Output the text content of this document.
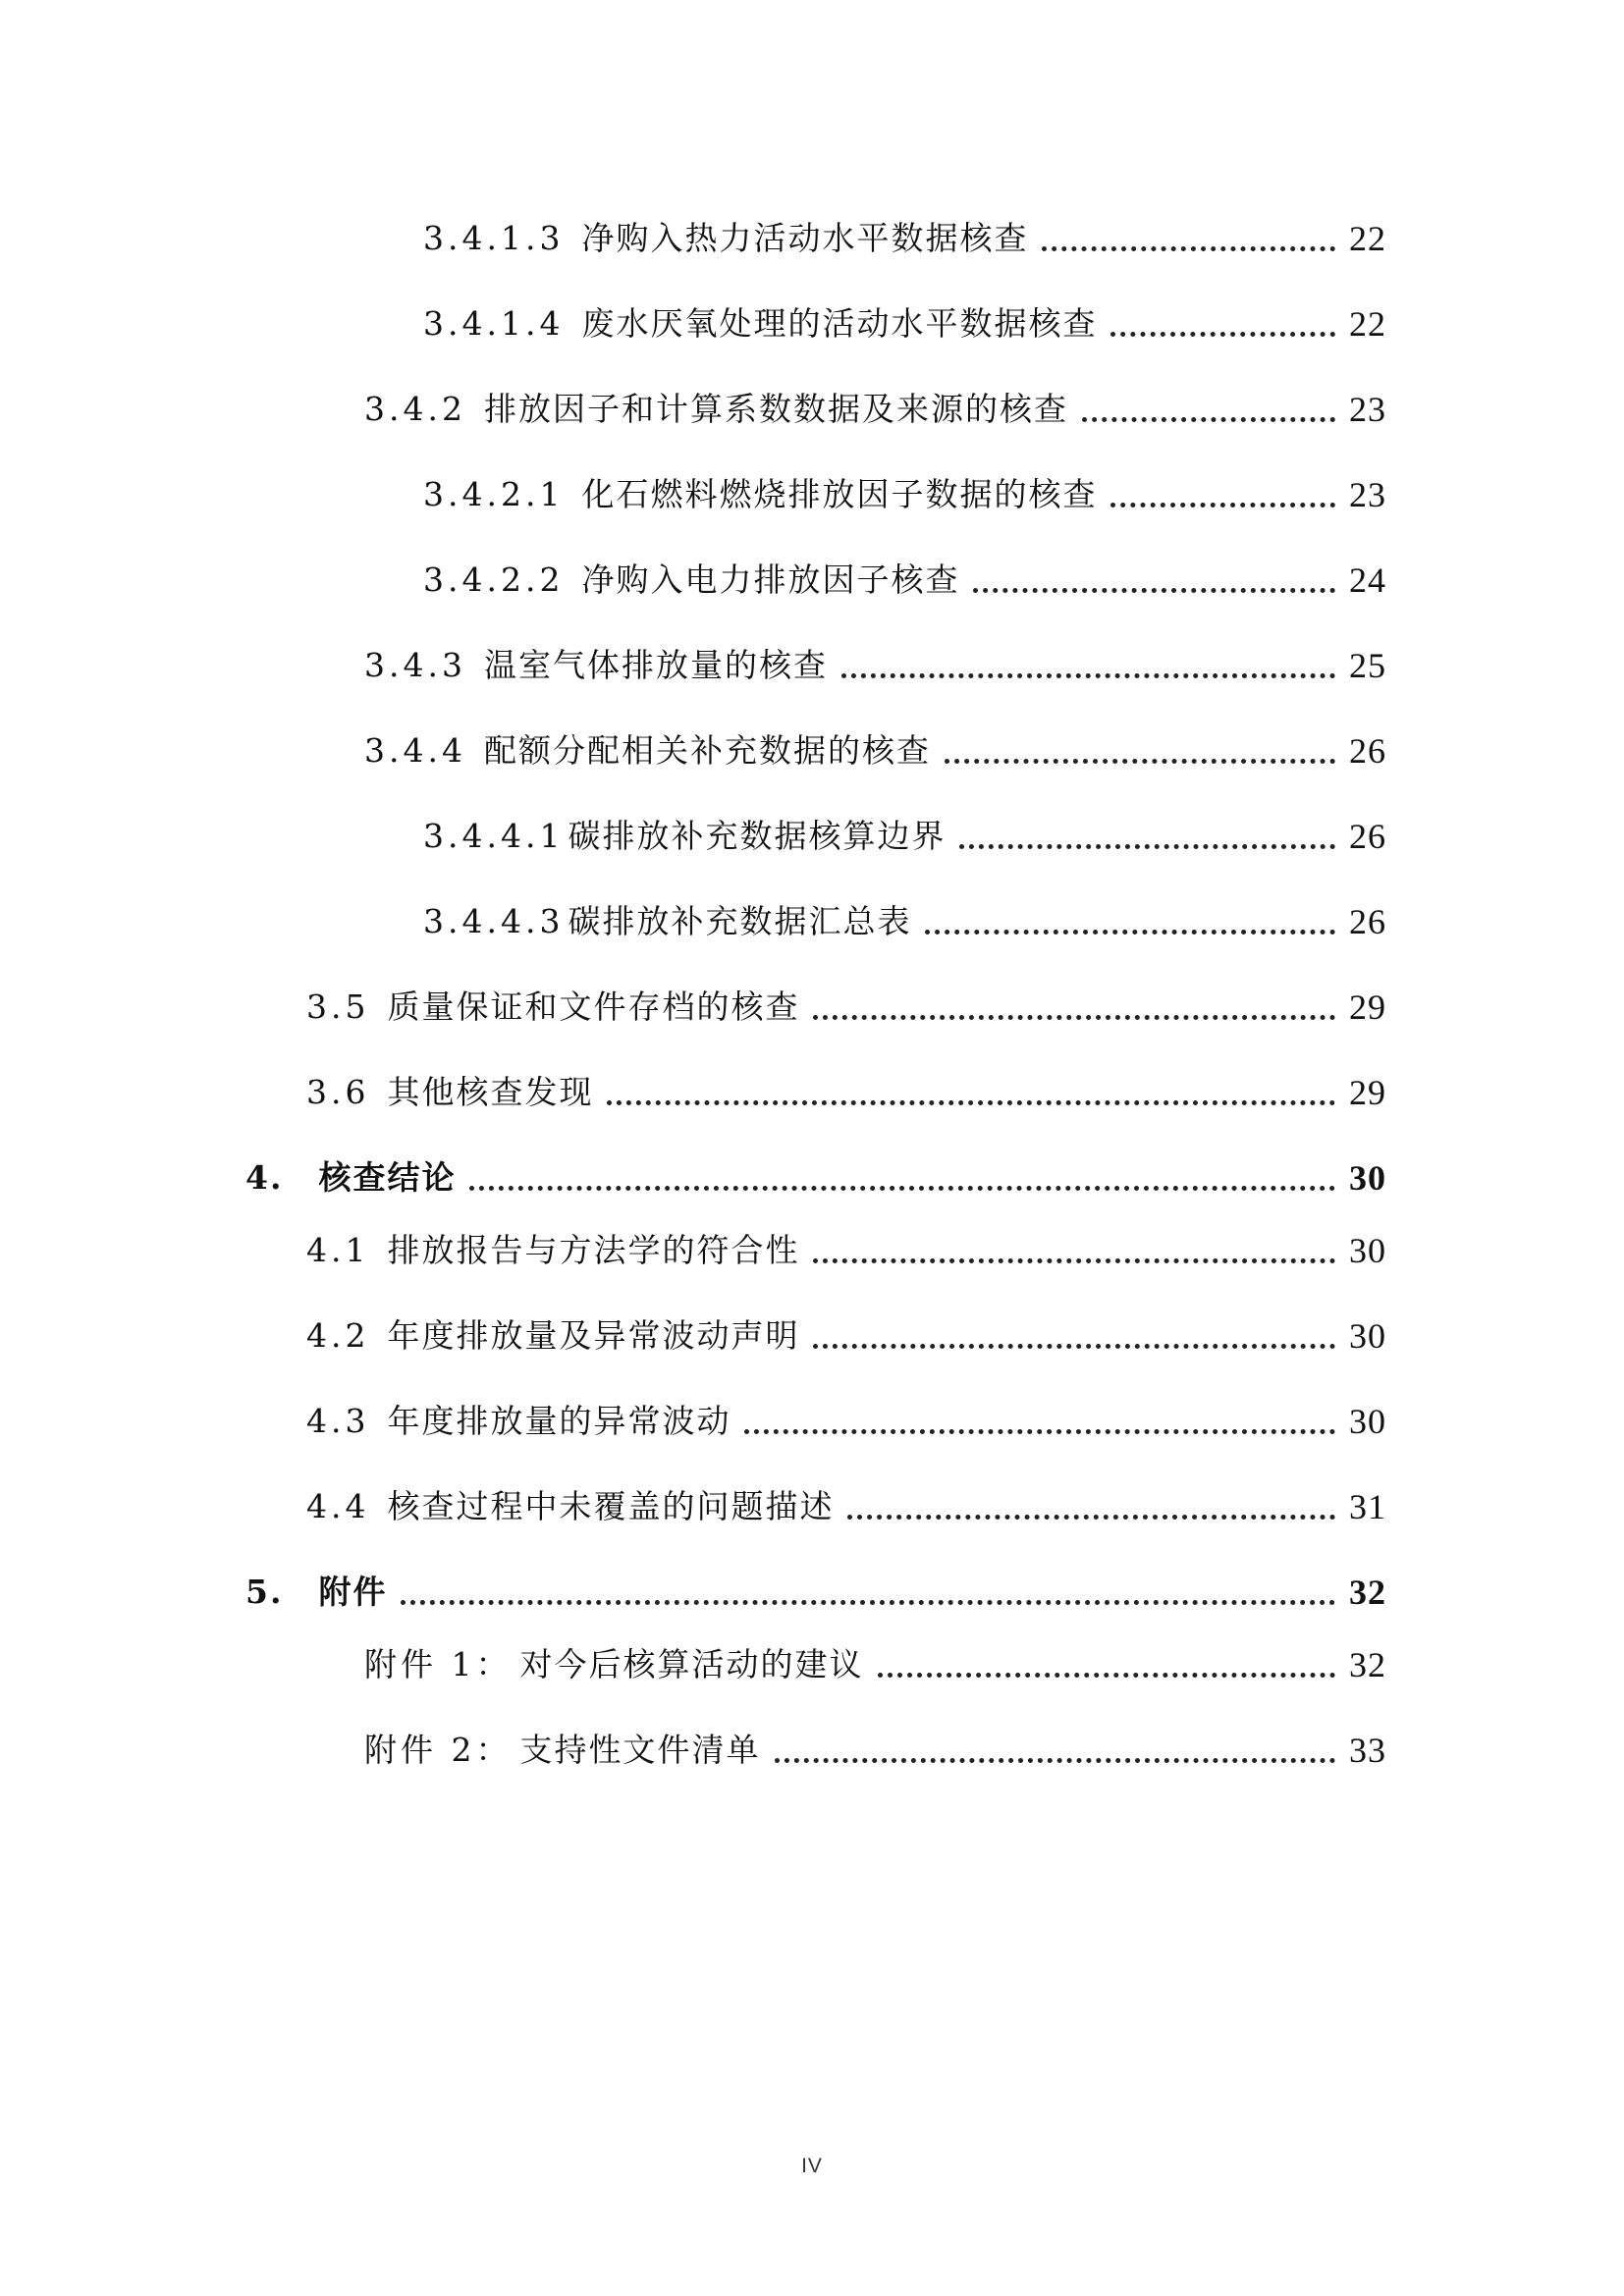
3.4.1.3 净购入热力活动水平数据核查	22
3.4.1.4 废水厌氧处理的活动水平数据核查	22
3.4.2 排放因子和计算系数数据及来源的核查	23
3.4.2.1 化石燃料燃烧排放因子数据的核查	23
3.4.2.2 净购入电力排放因子核查	24
3.4.3 温室气体排放量的核查	25
3.4.4 配额分配相关补充数据的核查	26
3.4.4.1 碳排放补充数据核算边界	26
3.4.4.3 碳排放补充数据汇总表	26
3.5 质量保证和文件存档的核查	29
3.6 其他核查发现	29
4. 核查结论	30
4.1 排放报告与方法学的符合性	30
4.2 年度排放量及异常波动声明	30
4.3 年度排放量的异常波动	30
4.4 核查过程中未覆盖的问题描述	31
5. 附件	32
附件 1： 对今后核算活动的建议	32
附件 2： 支持性文件清单	33
IV
